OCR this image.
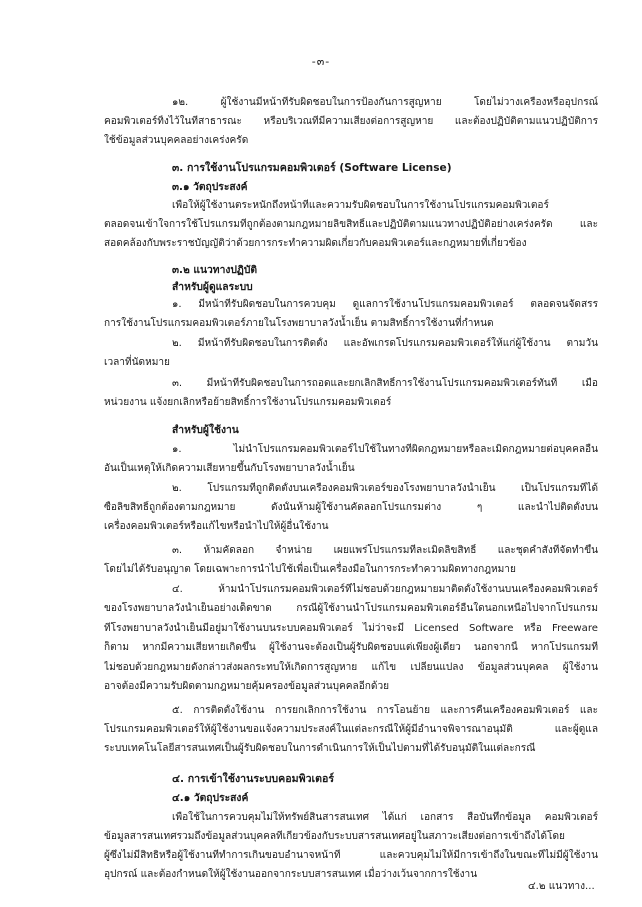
-๓-
๑๒. ผู้ใช้งานมีหน้าที่รับผิดชอบในการป้องกันการสูญหาย โดยไม่วางเครื่องหรืออุปกรณ์
คอมพิวเตอร์ทิ้งไว้ในที่สาธารณะ หรือบริเวณที่มีความเสี่ยงต่อการสูญหาย และต้องปฏิบัติตามแนวปฏิบัติการ
ใช้ข้อมูลส่วนบุคคลอย่างเคร่งครัด
๓. การใช้งานโปรแกรมคอมพิวเตอร์ (Software License)
๓.๑ วัตถุประสงค์
เพื่อให้ผู้ใช้งานตระหนักถึงหน้าที่และความรับผิดชอบในการใช้งานโปรแกรมคอมพิวเตอร์
ตลอดจนเข้าใจการใช้โปรแกรมที่ถูกต้องตามกฎหมายลิขสิทธิ์และปฏิบัติตามแนวทางปฏิบัติอย่างเคร่งครัด และ
สอดคล้องกับพระราชบัญญัติว่าด้วยการกระทำความผิดเกี่ยวกับคอมพิวเตอร์และกฎหมายที่เกี่ยวข้อง
๓.๒ แนวทางปฏิบัติ
สำหรับผู้ดูแลระบบ
๑. มีหน้าที่รับผิดชอบในการควบคุม ดูแลการใช้งานโปรแกรมคอมพิวเตอร์ ตลอดจนจัดสรร
การใช้งานโปรแกรมคอมพิวเตอร์ภายในโรงพยาบาลวังน้ำเย็น ตามสิทธิ์การใช้งานที่กำหนด
๒. มีหน้าที่รับผิดชอบในการติดตั้ง และอัพเกรดโปรแกรมคอมพิวเตอร์ให้แก่ผู้ใช้งาน ตามวัน
เวลาที่นัดหมาย
๓. มีหน้าที่รับผิดชอบในการถอดและยกเลิกสิทธิ์การใช้งานโปรแกรมคอมพิวเตอร์ทันที เมื่อ
หน่วยงาน แจ้งยกเลิกหรือย้ายสิทธิ์การใช้งานโปรแกรมคอมพิวเตอร์
สำหรับผู้ใช้งาน
๑. ไม่นำโปรแกรมคอมพิวเตอร์ไปใช้ในทางที่ผิดกฎหมายหรือละเมิดกฎหมายต่อบุคคลอื่น
อันเป็นเหตุให้เกิดความเสียหายขึ้นกับโรงพยาบาลวังน้ำเย็น
๒. โปรแกรมที่ถูกติดตั้งบนเครื่องคอมพิวเตอร์ของโรงพยาบาลวังน้ำเย็น เป็นโปรแกรมที่ได้
ซื้อลิขสิทธิ์ถูกต้องตามกฎหมาย ดังนั้นห้ามผู้ใช้งานคัดลอกโปรแกรมต่าง ๆ และนำไปติดตั้งบน
เครื่องคอมพิวเตอร์หรือแก้ไขหรือนำไปให้ผู้อื่นใช้งาน
๓. ห้ามคัดลอก จำหน่าย เผยแพร่โปรแกรมที่ละเมิดลิขสิทธิ์ และชุดคำสั่งที่จัดทำขึ้น
โดยไม่ได้รับอนุญาต โดยเฉพาะการนำไปใช้เพื่อเป็นเครื่องมือในการกระทำความผิดทางกฎหมาย
๔. ห้ามนำโปรแกรมคอมพิวเตอร์ที่ไม่ชอบด้วยกฎหมายมาติดตั้งใช้งานบนเครื่องคอมพิวเตอร์
ของโรงพยาบาลวังน้ำเย็นอย่างเด็ดขาด กรณีผู้ใช้งานนำโปรแกรมคอมพิวเตอร์อื่นใดนอกเหนือไปจากโปรแกรม
ที่โรงพยาบาลวังน้ำเย็นมีอยู่มาใช้งานบนระบบคอมพิวเตอร์ ไม่ว่าจะมี Licensed Software หรือ Freeware
ก็ตาม หากมีความเสียหายเกิดขึ้น ผู้ใช้งานจะต้องเป็นผู้รับผิดชอบแต่เพียงผู้เดียว นอกจากนี้ หากโปรแกรมที่
ไม่ชอบด้วยกฎหมายดังกล่าวส่งผลกระทบให้เกิดการสูญหาย แก้ไข เปลี่ยนแปลง ข้อมูลส่วนบุคคล ผู้ใช้งาน
อาจต้องมีความรับผิดตามกฎหมายคุ้มครองข้อมูลส่วนบุคคลอีกด้วย
๕. การติดตั้งใช้งาน การยกเลิกการใช้งาน การโอนย้าย และการคืนเครื่องคอมพิวเตอร์ และ
โปรแกรมคอมพิวเตอร์ให้ผู้ใช้งานขอแจ้งความประสงค์ในแต่ละกรณีให้ผู้มีอำนาจพิจารณาอนุมัติ และผู้ดูแล
ระบบเทคโนโลยีสารสนเทศเป็นผู้รับผิดชอบในการดำเนินการให้เป็นไปตามที่ได้รับอนุมัติในแต่ละกรณี
๔. การเข้าใช้งานระบบคอมพิวเตอร์
๔.๑ วัตถุประสงค์
เพื่อใช้ในการควบคุมไม่ให้ทรัพย์สินสารสนเทศ ได้แก่ เอกสาร สื่อบันทึกข้อมูล คอมพิวเตอร์
ข้อมูลสารสนเทศรวมถึงข้อมูลส่วนบุคคลที่เกี่ยวข้องกับระบบสารสนเทศอยู่ในสภาวะเสี่ยงต่อการเข้าถึงได้โดย
ผู้ซึ่งไม่มีสิทธิหรือผู้ใช้งานที่ทำการเกินขอบอำนาจหน้าที่ และควบคุมไม่ให้มีการเข้าถึงในขณะที่ไม่มีผู้ใช้งาน
อุปกรณ์ และต้องกำหนดให้ผู้ใช้งานออกจากระบบสารสนเทศ เมื่อว่างเว้นจากการใช้งาน
๔.๒ แนวทาง...
